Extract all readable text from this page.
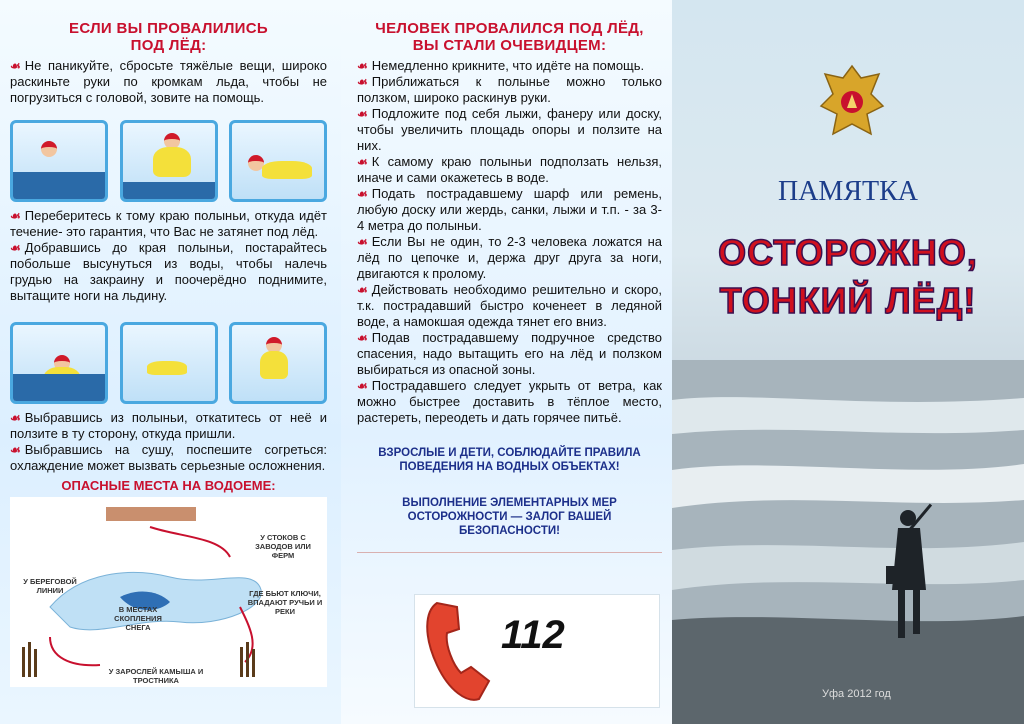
ЕСЛИ ВЫ ПРОВАЛИЛИСЬ
ПОД ЛЁД:

☙ Не паникуйте, сбросьте тяжёлые вещи, широко раскиньте руки по кромкам льда, чтобы не погрузиться с головой, зовите на помощь.

☙ Переберитесь к тому краю полыньи, откуда идёт течение- это гарантия, что Вас не затянет под лёд.

☙ Добравшись до края полыньи, постарайтесь побольше высунуться из воды, чтобы налечь грудью на закраину и поочерёдно поднимите, вытащите ноги на льдину.

☙ Выбравшись из полыньи, откатитесь от неё и ползите в ту сторону, откуда пришли.

☙ Выбравшись на сушу, поспешите согреться: охлаждение может вызвать серьезные осложнения.

ОПАСНЫЕ МЕСТА НА ВОДОЕМЕ:
У СТОКОВ С ЗАВОДОВ ИЛИ ФЕРМ
У БЕРЕГОВОЙ ЛИНИИ
В МЕСТАХ СКОПЛЕНИЯ СНЕГА
ГДЕ БЬЮТ КЛЮЧИ, ВПАДАЮТ РУЧЬИ И РЕКИ
У ЗАРОСЛЕЙ КАМЫША И ТРОСТНИКА
ЧЕЛОВЕК ПРОВАЛИЛСЯ ПОД ЛЁД,
ВЫ СТАЛИ ОЧЕВИДЦЕМ:

☙ Немедленно крикните, что идёте на помощь.

☙ Приближаться к полынье можно только ползком, широко раскинув руки.

☙ Подложите под себя лыжи, фанеру или доску, чтобы увеличить площадь опоры и ползите на них.

☙ К самому краю полыньи подползать нельзя, иначе и сами окажетесь в воде.

☙ Подать пострадавшему шарф или ремень, любую доску или жердь, санки, лыжи и т.п. - за 3-4 метра до полыньи.

☙ Если Вы не один, то 2-3 человека ложатся на лёд по цепочке и, держа друг друга за ноги, двигаются к пролому.

☙ Действовать необходимо решительно и скоро, т.к. пострадавший быстро коченеет в ледяной воде, а намокшая одежда тянет его вниз.

☙ Подав пострадавшему подручное средство спасения, надо вытащить его на лёд и ползком выбираться из опасной зоны.

☙ Пострадавшего следует укрыть от ветра, как можно быстрее доставить в тёплое место, растереть, переодеть и дать горячее питьё.

ВЗРОСЛЫЕ И ДЕТИ, СОБЛЮДАЙТЕ ПРАВИЛА ПОВЕДЕНИЯ НА ВОДНЫХ ОБЪЕКТАХ!
ВЫПОЛНЕНИЕ ЭЛЕМЕНТАРНЫХ МЕР ОСТОРОЖНОСТИ — ЗАЛОГ ВАШЕЙ БЕЗОПАСНОСТИ!
112
ПАМЯТКА
ОСТОРОЖНО,
ТОНКИЙ ЛЁД!
Уфа 2012 год
